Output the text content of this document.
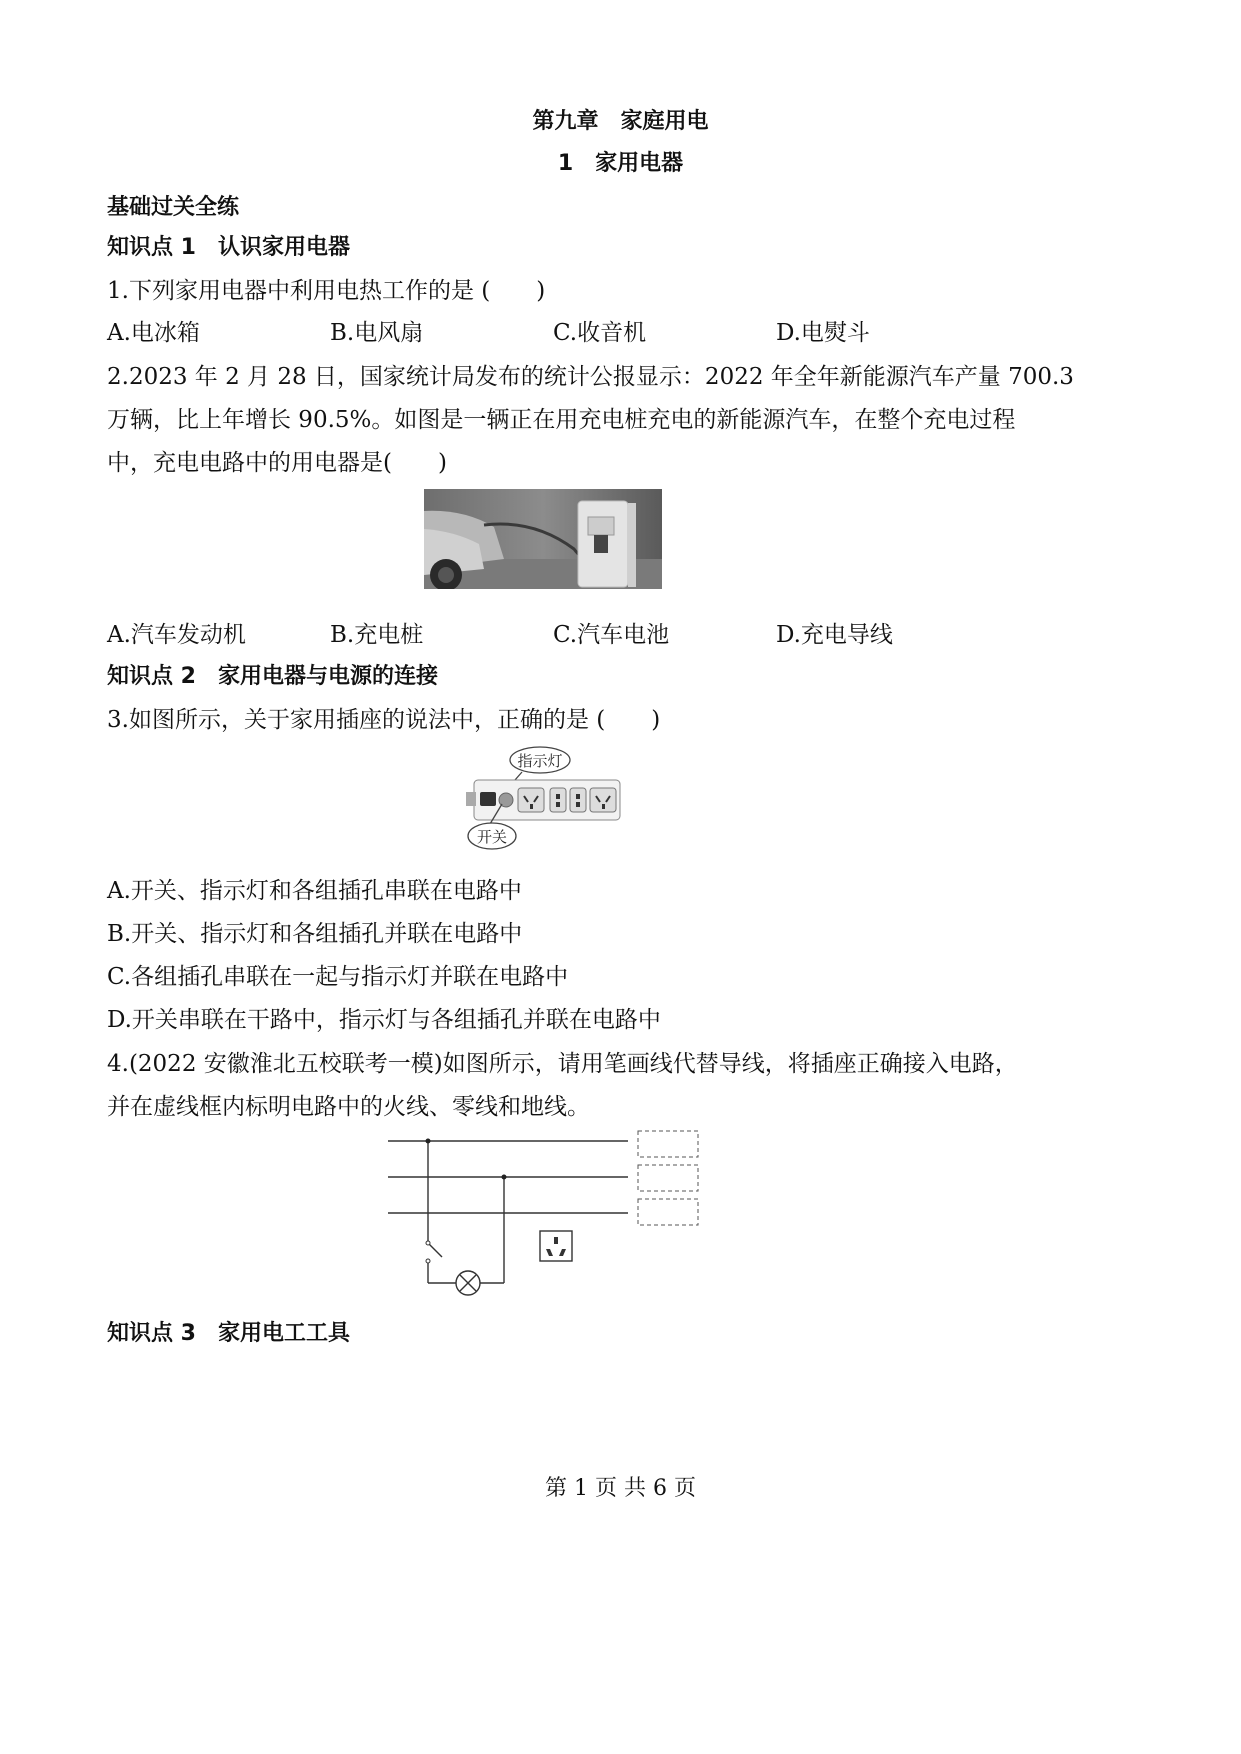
第九章　家庭用电
1　家用电器
基础过关全练
知识点 1　认识家用电器
1.下列家用电器中利用电热工作的是 (　　)
A.电冰箱	B.电风扇	C.收音机	D.电熨斗
2.2023 年 2 月 28 日，国家统计局发布的统计公报显示：2022 年全年新能源汽车产量 700.3
万辆，比上年增长 90.5%。如图是一辆正在用充电桩充电的新能源汽车，在整个充电过程
中，充电电路中的用电器是(　　)
A.汽车发动机	B.充电桩	C.汽车电池	D.充电导线
知识点 2　家用电器与电源的连接
3.如图所示，关于家用插座的说法中，正确的是 (　　)
指示灯
开关
A.开关、指示灯和各组插孔串联在电路中
B.开关、指示灯和各组插孔并联在电路中
C.各组插孔串联在一起与指示灯并联在电路中
D.开关串联在干路中，指示灯与各组插孔并联在电路中
4.(2022 安徽淮北五校联考一模)如图所示，请用笔画线代替导线，将插座正确接入电路，
并在虚线框内标明电路中的火线、零线和地线。
知识点 3　家用电工工具
第 1 页 共 6 页
